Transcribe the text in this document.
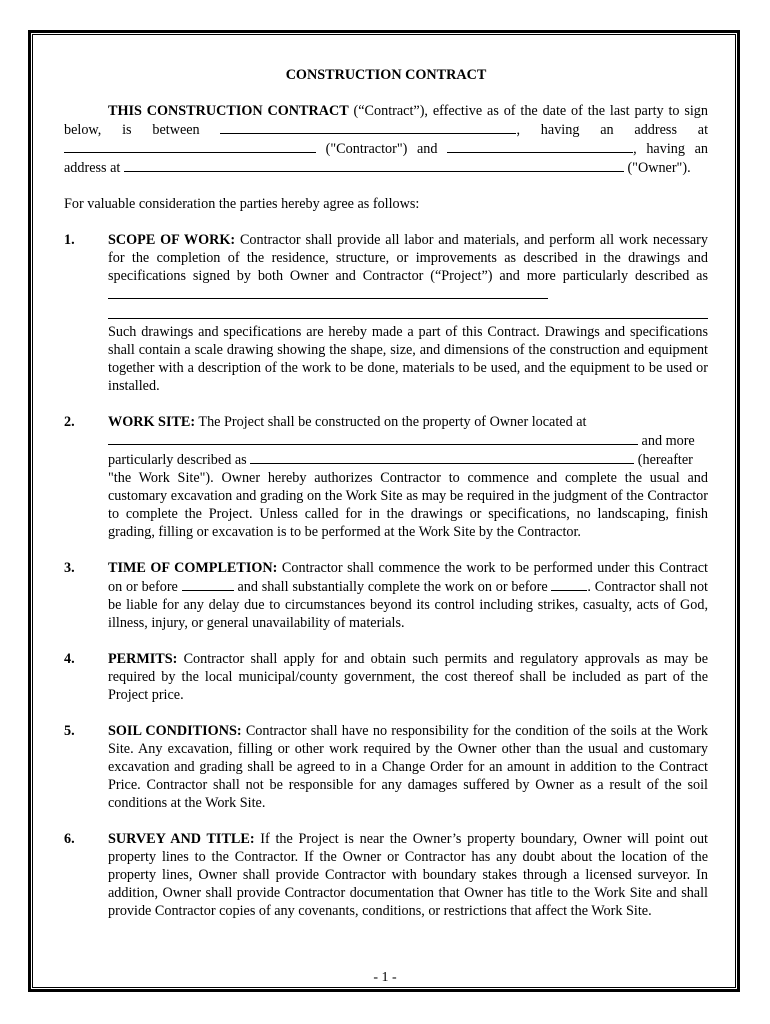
CONSTRUCTION CONTRACT

THIS CONSTRUCTION CONTRACT (“Contract”), effective as of the date of the last party to sign below, is between	, having an address at  ("Contractor") and	, having an address at	("Owner").

For valuable consideration the parties hereby agree as follows:

1.	SCOPE OF WORK: Contractor shall provide all labor and materials, and perform all work necessary for the completion of the residence, structure, or improvements as described in the drawings and specifications signed by both Owner and Contractor (“Project”) and more particularly described as

Such drawings and specifications are hereby made a part of this Contract. Drawings and specifications shall contain a scale drawing showing the shape, size, and dimensions of the construction and equipment together with a description of the work to be done, materials to be used, and the equipment to be used or installed.

2.	WORK SITE: The Project shall be constructed on the property of Owner located at

and more

particularly described as	(hereafter

"the Work Site"). Owner hereby authorizes Contractor to commence and complete the usual and customary excavation and grading on the Work Site as may be required in the judgment of the Contractor to complete the Project. Unless called for in the drawings or specifications, no landscaping, finish grading, filling or excavation is to be performed at the Work Site by the Contractor.

3.	TIME OF COMPLETION: Contractor shall commence the work to be performed under this Contract on or before	and shall substantially complete the work on or before	. Contractor shall not be liable for any delay due to circumstances beyond its control including strikes, casualty, acts of God, illness, injury, or general unavailability of materials.

4.	PERMITS: Contractor shall apply for and obtain such permits and regulatory approvals as may be required by the local municipal/county government, the cost thereof shall be included as part of the Project price.

5.	SOIL CONDITIONS: Contractor shall have no responsibility for the condition of the soils at the Work Site. Any excavation, filling or other work required by the Owner other than the usual and customary excavation and grading shall be agreed to in a Change Order for an amount in addition to the Contract Price. Contractor shall not be responsible for any damages suffered by Owner as a result of the soil conditions at the Work Site.

6.	SURVEY AND TITLE: If the Project is near the Owner’s property boundary, Owner will point out property lines to the Contractor. If the Owner or Contractor has any doubt about the location of the property lines, Owner shall provide Contractor with boundary stakes through a licensed surveyor. In addition, Owner shall provide Contractor documentation that Owner has title to the Work Site and shall provide Contractor copies of any covenants, conditions, or restrictions that affect the Work Site.

- 1 -
